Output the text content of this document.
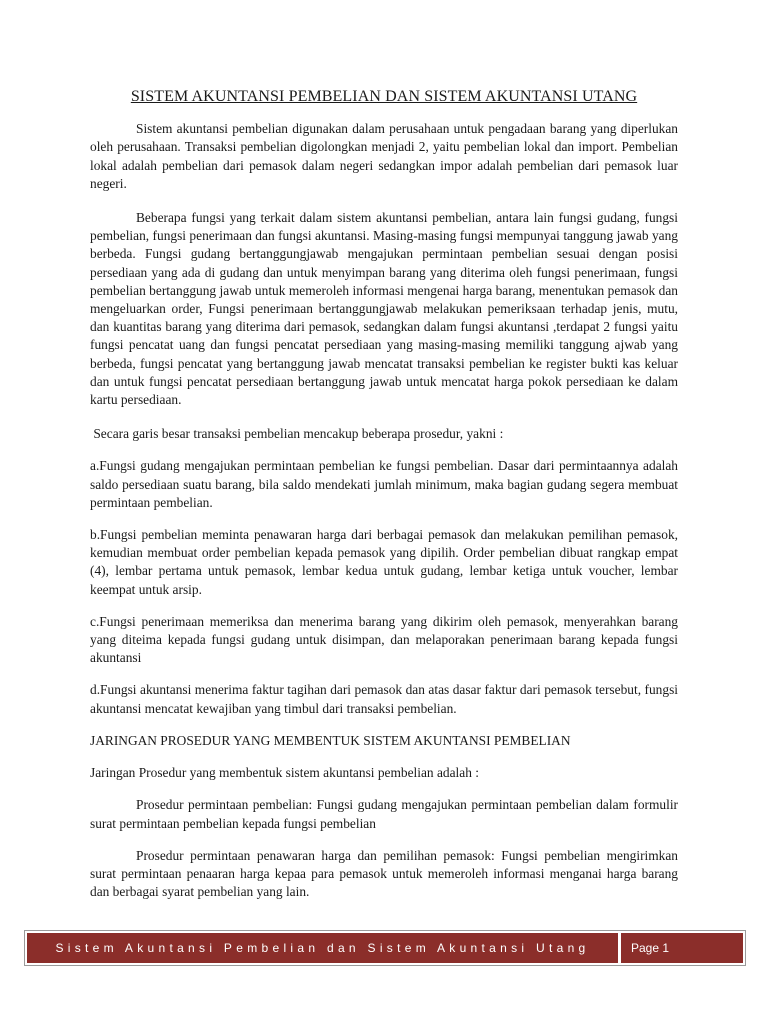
SISTEM AKUNTANSI PEMBELIAN DAN SISTEM AKUNTANSI UTANG

Sistem akuntansi pembelian digunakan dalam perusahaan untuk pengadaan barang yang diperlukan oleh perusahaan. Transaksi pembelian digolongkan menjadi 2, yaitu pembelian lokal dan import. Pembelian lokal adalah pembelian dari pemasok dalam negeri sedangkan impor adalah pembelian dari pemasok luar negeri.

Beberapa fungsi yang terkait dalam sistem akuntansi pembelian, antara lain fungsi gudang, fungsi pembelian, fungsi penerimaan dan fungsi akuntansi. Masing-masing fungsi mempunyai tanggung jawab yang berbeda. Fungsi gudang bertanggungjawab mengajukan permintaan pembelian sesuai dengan posisi persediaan yang ada di gudang dan untuk menyimpan barang yang diterima oleh fungsi penerimaan, fungsi pembelian bertanggung jawab untuk memeroleh informasi mengenai harga barang, menentukan pemasok dan mengeluarkan order, Fungsi penerimaan bertanggungjawab melakukan pemeriksaan terhadap jenis, mutu, dan kuantitas barang yang diterima dari pemasok, sedangkan dalam fungsi akuntansi ,terdapat 2 fungsi yaitu fungsi pencatat uang dan fungsi pencatat persediaan yang masing-masing memiliki tanggung ajwab yang berbeda, fungsi pencatat yang bertanggung jawab mencatat transaksi pembelian ke register bukti kas keluar dan untuk fungsi pencatat persediaan bertanggung jawab untuk mencatat harga pokok persediaan ke dalam kartu persediaan.

Secara garis besar transaksi pembelian mencakup beberapa prosedur, yakni :

a.Fungsi gudang mengajukan permintaan pembelian ke fungsi pembelian. Dasar dari permintaannya adalah saldo persediaan suatu barang, bila saldo mendekati jumlah minimum, maka bagian gudang segera membuat permintaan pembelian.

b.Fungsi pembelian meminta penawaran harga dari berbagai pemasok dan melakukan pemilihan pemasok, kemudian membuat order pembelian kepada pemasok yang dipilih. Order pembelian dibuat rangkap empat (4), lembar pertama untuk pemasok, lembar kedua untuk gudang, lembar ketiga untuk voucher, lembar keempat untuk arsip.

c.Fungsi penerimaan memeriksa dan menerima barang yang dikirim oleh pemasok, menyerahkan barang yang diteima kepada fungsi gudang untuk disimpan, dan melaporakan penerimaan barang kepada fungsi akuntansi

d.Fungsi akuntansi menerima faktur tagihan dari pemasok dan atas dasar faktur dari pemasok tersebut, fungsi akuntansi mencatat kewajiban yang timbul dari transaksi pembelian.

JARINGAN PROSEDUR YANG MEMBENTUK SISTEM AKUNTANSI PEMBELIAN

Jaringan Prosedur yang membentuk sistem akuntansi pembelian adalah :

Prosedur permintaan pembelian: Fungsi gudang mengajukan permintaan pembelian dalam formulir surat permintaan pembelian kepada fungsi pembelian

Prosedur permintaan penawaran harga dan pemilihan pemasok: Fungsi pembelian mengirimkan surat permintaan penaaran harga kepaa para pemasok untuk memeroleh informasi menganai harga barang dan berbagai syarat pembelian yang lain.

Sistem Akuntansi Pembelian dan Sistem Akuntansi Utang	Page
1
